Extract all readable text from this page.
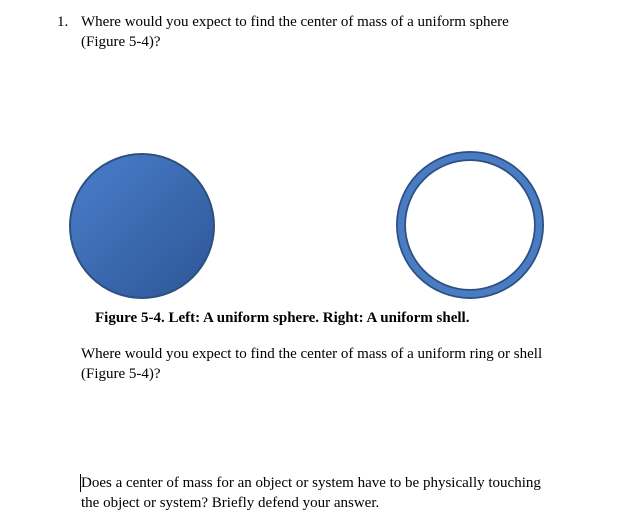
1. Where would you expect to find the center of mass of a uniform sphere
(Figure 5-4)?
Figure 5-4. Left: A uniform sphere. Right: A uniform shell.
Where would you expect to find the center of mass of a uniform ring or shell
(Figure 5-4)?
Does a center of mass for an object or system have to be physically touching
the object or system? Briefly defend your answer.
